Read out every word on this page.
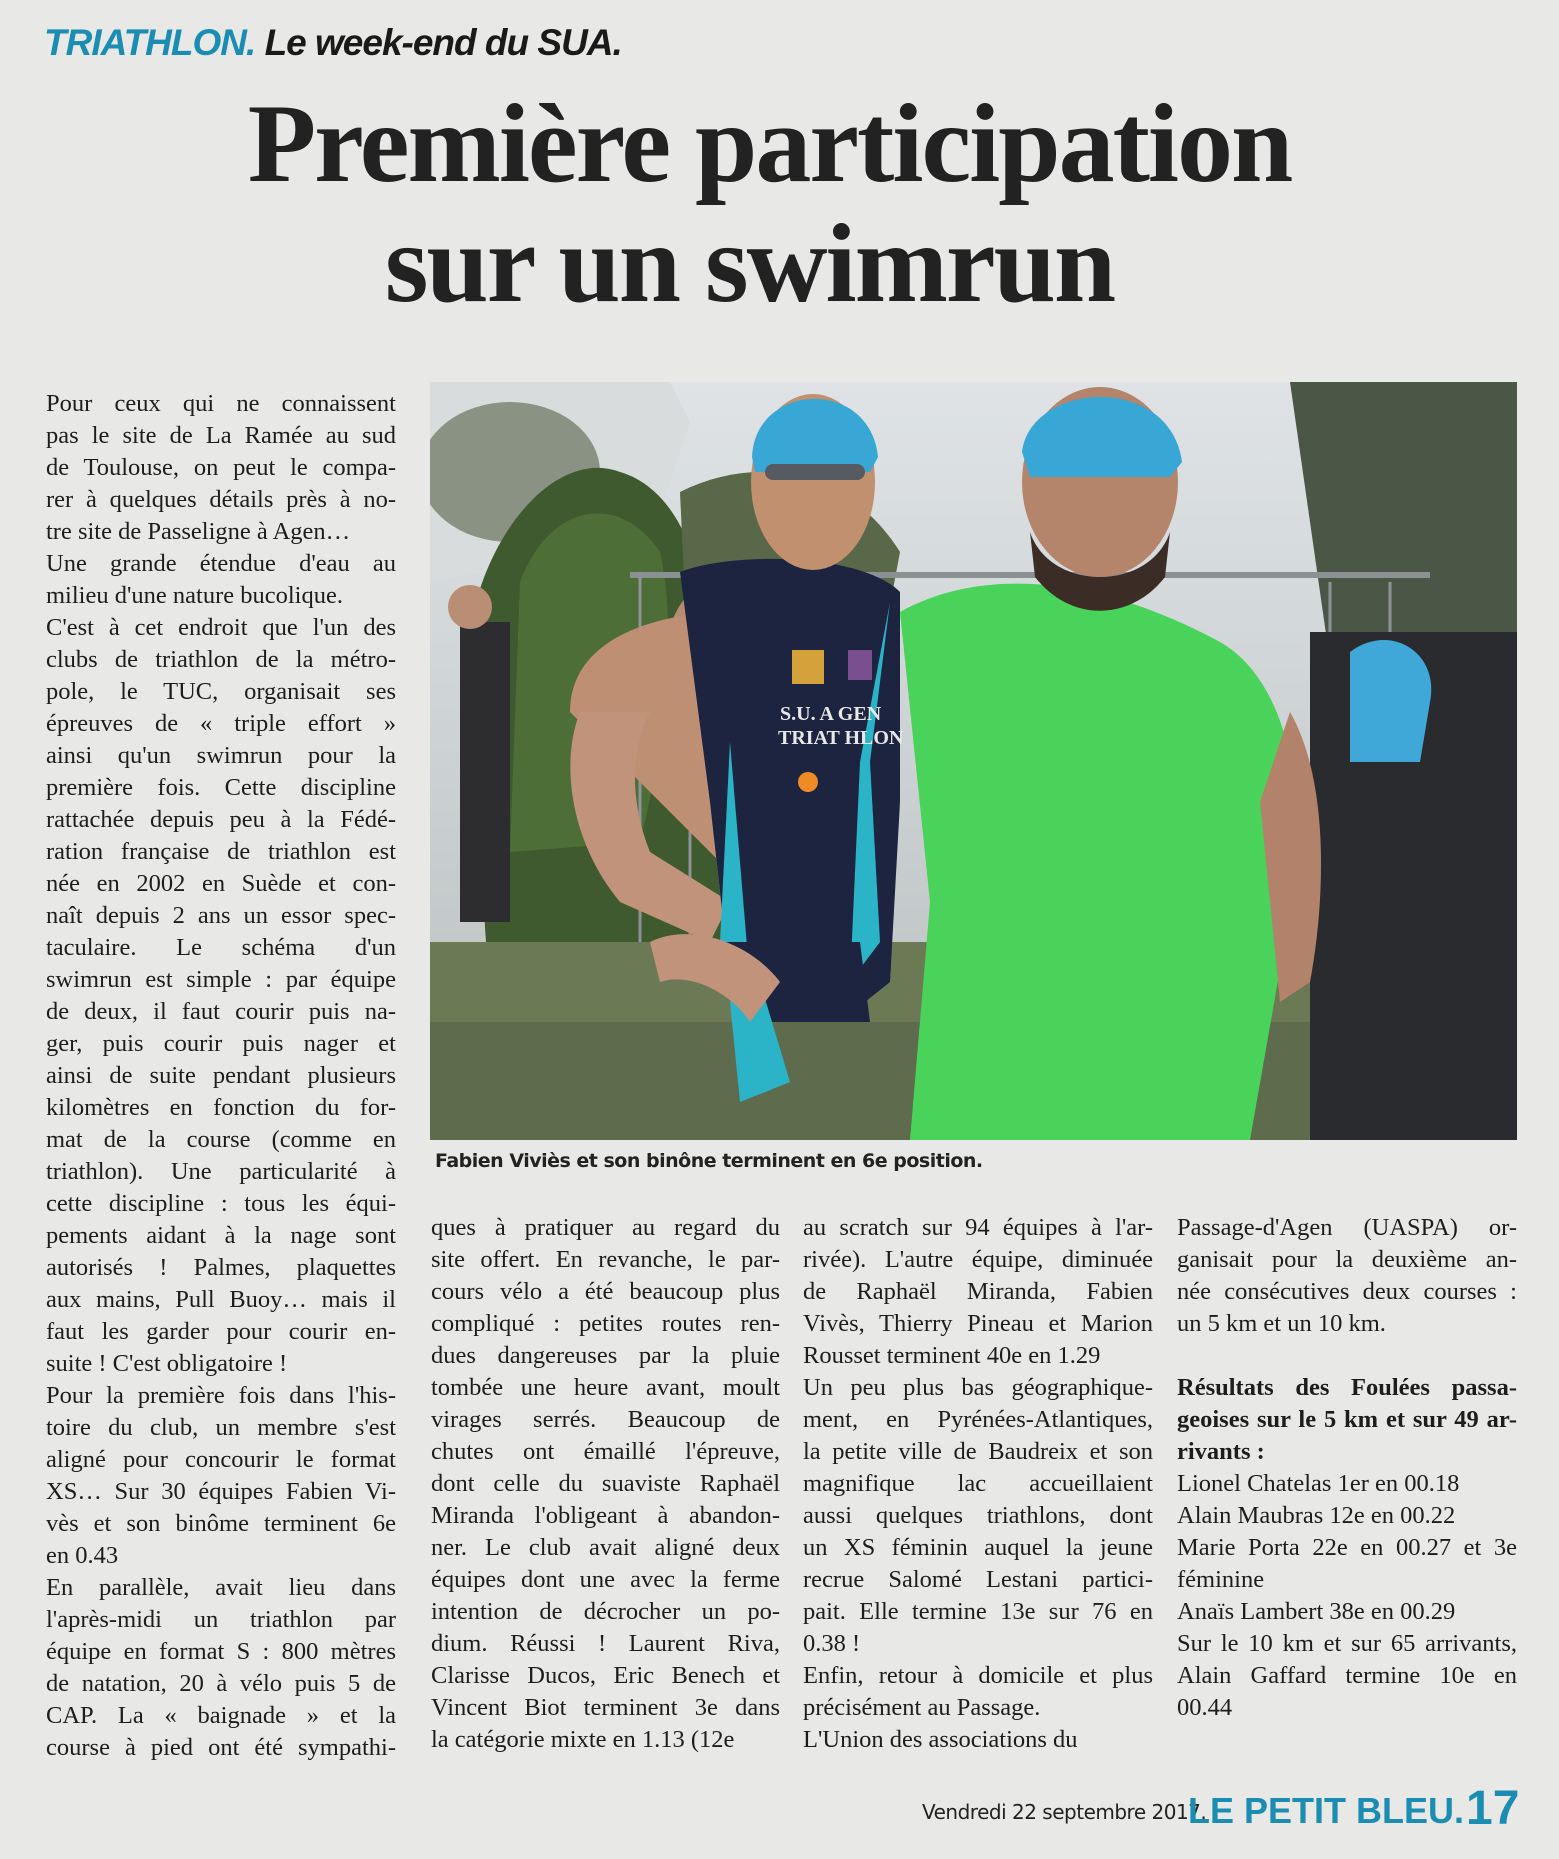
TRIATHLON. Le week-end du SUA.
Première participation
sur un swimrun
Pour ceux qui ne connaissent
pas le site de La Ramée au sud
de Toulouse, on peut le compa-
rer à quelques détails près à no-
tre site de Passeligne à Agen…
Une grande étendue d'eau au
milieu d'une nature bucolique.
C'est à cet endroit que l'un des
clubs de triathlon de la métro-
pole, le TUC, organisait ses
épreuves de « triple effort »
ainsi qu'un swimrun pour la
première fois. Cette discipline
rattachée depuis peu à la Fédé-
ration française de triathlon est
née en 2002 en Suède et con-
naît depuis 2 ans un essor spec-
taculaire. Le schéma d'un
swimrun est simple : par équipe
de deux, il faut courir puis na-
ger, puis courir puis nager et
ainsi de suite pendant plusieurs
kilomètres en fonction du for-
mat de la course (comme en
triathlon). Une particularité à
cette discipline : tous les équi-
pements aidant à la nage sont
autorisés ! Palmes, plaquettes
aux mains, Pull Buoy… mais il
faut les garder pour courir en-
suite ! C'est obligatoire !
Pour la première fois dans l'his-
toire du club, un membre s'est
aligné pour concourir le format
XS… Sur 30 équipes Fabien Vi-
vès et son binôme terminent 6e
en 0.43
En parallèle, avait lieu dans
l'après-midi un triathlon par
équipe en format S : 800 mètres
de natation, 20 à vélo puis 5 de
CAP. La « baignade » et la
course à pied ont été sympathi-
S.U. A GEN
TRIAT HLON
Fabien Viviès et son binône terminent en 6e position.
ques à pratiquer au regard du
site offert. En revanche, le par-
cours vélo a été beaucoup plus
compliqué : petites routes ren-
dues dangereuses par la pluie
tombée une heure avant, moult
virages serrés. Beaucoup de
chutes ont émaillé l'épreuve,
dont celle du suaviste Raphaël
Miranda l'obligeant à abandon-
ner. Le club avait aligné deux
équipes dont une avec la ferme
intention de décrocher un po-
dium. Réussi ! Laurent Riva,
Clarisse Ducos, Eric Benech et
Vincent Biot terminent 3e dans
la catégorie mixte en 1.13 (12e
au scratch sur 94 équipes à l'ar-
rivée). L'autre équipe, diminuée
de Raphaël Miranda, Fabien
Vivès, Thierry Pineau et Marion
Rousset terminent 40e en 1.29
Un peu plus bas géographique-
ment, en Pyrénées-Atlantiques,
la petite ville de Baudreix et son
magnifique lac accueillaient
aussi quelques triathlons, dont
un XS féminin auquel la jeune
recrue Salomé Lestani partici-
pait. Elle termine 13e sur 76 en
0.38 !
Enfin, retour à domicile et plus
précisément au Passage.
L'Union des associations du
Passage-d'Agen (UASPA) or-
ganisait pour la deuxième an-
née consécutives deux courses :
un 5 km et un 10 km.
Résultats des Foulées passa-
geoises sur le 5 km et sur 49 ar-
rivants :
Lionel Chatelas 1er en 00.18
Alain Maubras 12e en 00.22
Marie Porta 22e en 00.27 et 3e
féminine
Anaïs Lambert 38e en 00.29
Sur le 10 km et sur 65 arrivants,
Alain Gaffard termine 10e en
00.44
Vendredi 22 septembre 2017.
LE PETIT BLEU. 17
